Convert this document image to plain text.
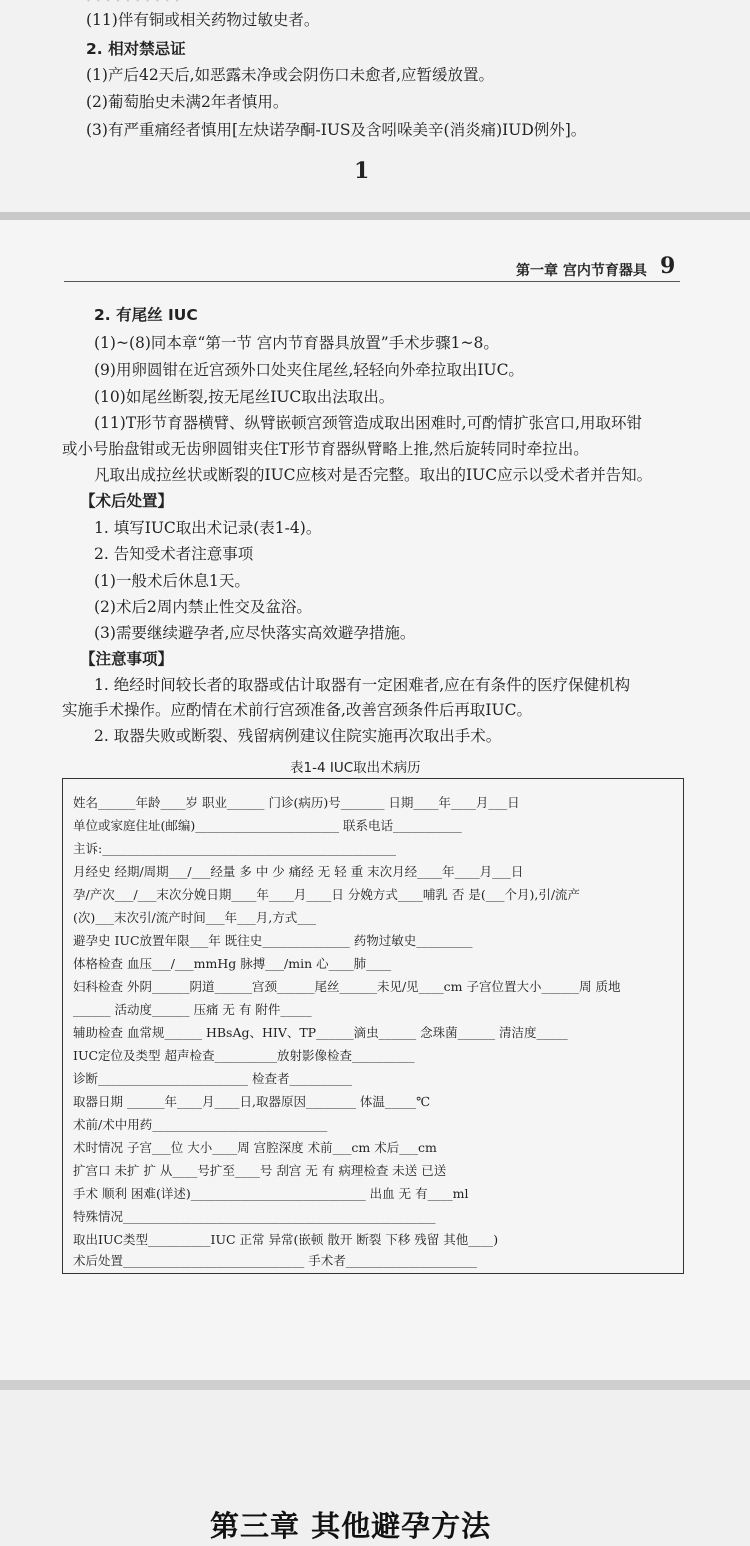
· · · · · · · · · ·
(11)伴有铜或相关药物过敏史者。
2. 相对禁忌证
(1)产后42天后,如恶露未净或会阴伤口未愈者,应暂缓放置。
(2)葡萄胎史未满2年者慎用。
(3)有严重痛经者慎用[左炔诺孕酮-IUS及含吲哚美辛(消炎痛)IUD例外]。
1
第一章 宫内节育器具 9
2. 有尾丝 IUC
(1)~(8)同本章“第一节 宫内节育器具放置”手术步骤1~8。
(9)用卵圆钳在近宫颈外口处夹住尾丝,轻轻向外牵拉取出IUC。
(10)如尾丝断裂,按无尾丝IUC取出法取出。
(11)T形节育器横臂、纵臂嵌顿宫颈管造成取出困难时,可酌情扩张宫口,用取环钳
或小号胎盘钳或无齿卵圆钳夹住T形节育器纵臂略上推,然后旋转同时牵拉出。
凡取出成拉丝状或断裂的IUC应核对是否完整。取出的IUC应示以受术者并告知。
【术后处置】
1. 填写IUC取出术记录(表1-4)。
2. 告知受术者注意事项
(1)一般术后休息1天。
(2)术后2周内禁止性交及盆浴。
(3)需要继续避孕者,应尽快落实高效避孕措施。
【注意事项】
1. 绝经时间较长者的取器或估计取器有一定困难者,应在有条件的医疗保健机构
实施手术操作。应酌情在术前行宫颈准备,改善宫颈条件后再取IUC。
2. 取器失败或断裂、残留病例建议住院实施再次取出手术。
表1-4 IUC取出术病历
姓名______年龄____岁 职业______ 门诊(病历)号_______ 日期____年____月___日
单位或家庭住址(邮编)_______________________ 联系电话___________
主诉:_______________________________________________
月经史 经期/周期___/___经量 多 中 少 痛经 无 轻 重 末次月经____年____月___日
孕/产次___/___末次分娩日期____年____月____日 分娩方式____哺乳 否 是(___个月),引/流产
(次)___末次引/流产时间___年___月,方式___
避孕史 IUC放置年限___年 既往史______________ 药物过敏史_________
体格检查 血压___/___mmHg 脉搏___/min 心____肺____
妇科检查 外阴______阴道______宫颈______尾丝______未见/见____cm 子宫位置大小______周 质地
______ 活动度______ 压痛 无 有 附件_____
辅助检查 血常规______ HBsAg、HIV、TP______滴虫______ 念珠菌______ 清洁度_____
IUC定位及类型 超声检查__________放射影像检查__________
诊断________________________ 检查者__________
取器日期 ______年____月____日,取器原因________ 体温_____℃
术前/术中用药____________________________
术时情况 子宫___位 大小____周 宫腔深度 术前___cm 术后___cm
扩宫口 未扩 扩 从____号扩至____号 刮宫 无 有 病理检查 未送 已送
手术 顺利 困难(详述)____________________________ 出血 无 有____ml
特殊情况__________________________________________________
取出IUC类型__________IUC 正常 异常(嵌顿 散开 断裂 下移 残留 其他____)
术后处置_____________________________ 手术者_____________________
第三章 其他避孕方法
